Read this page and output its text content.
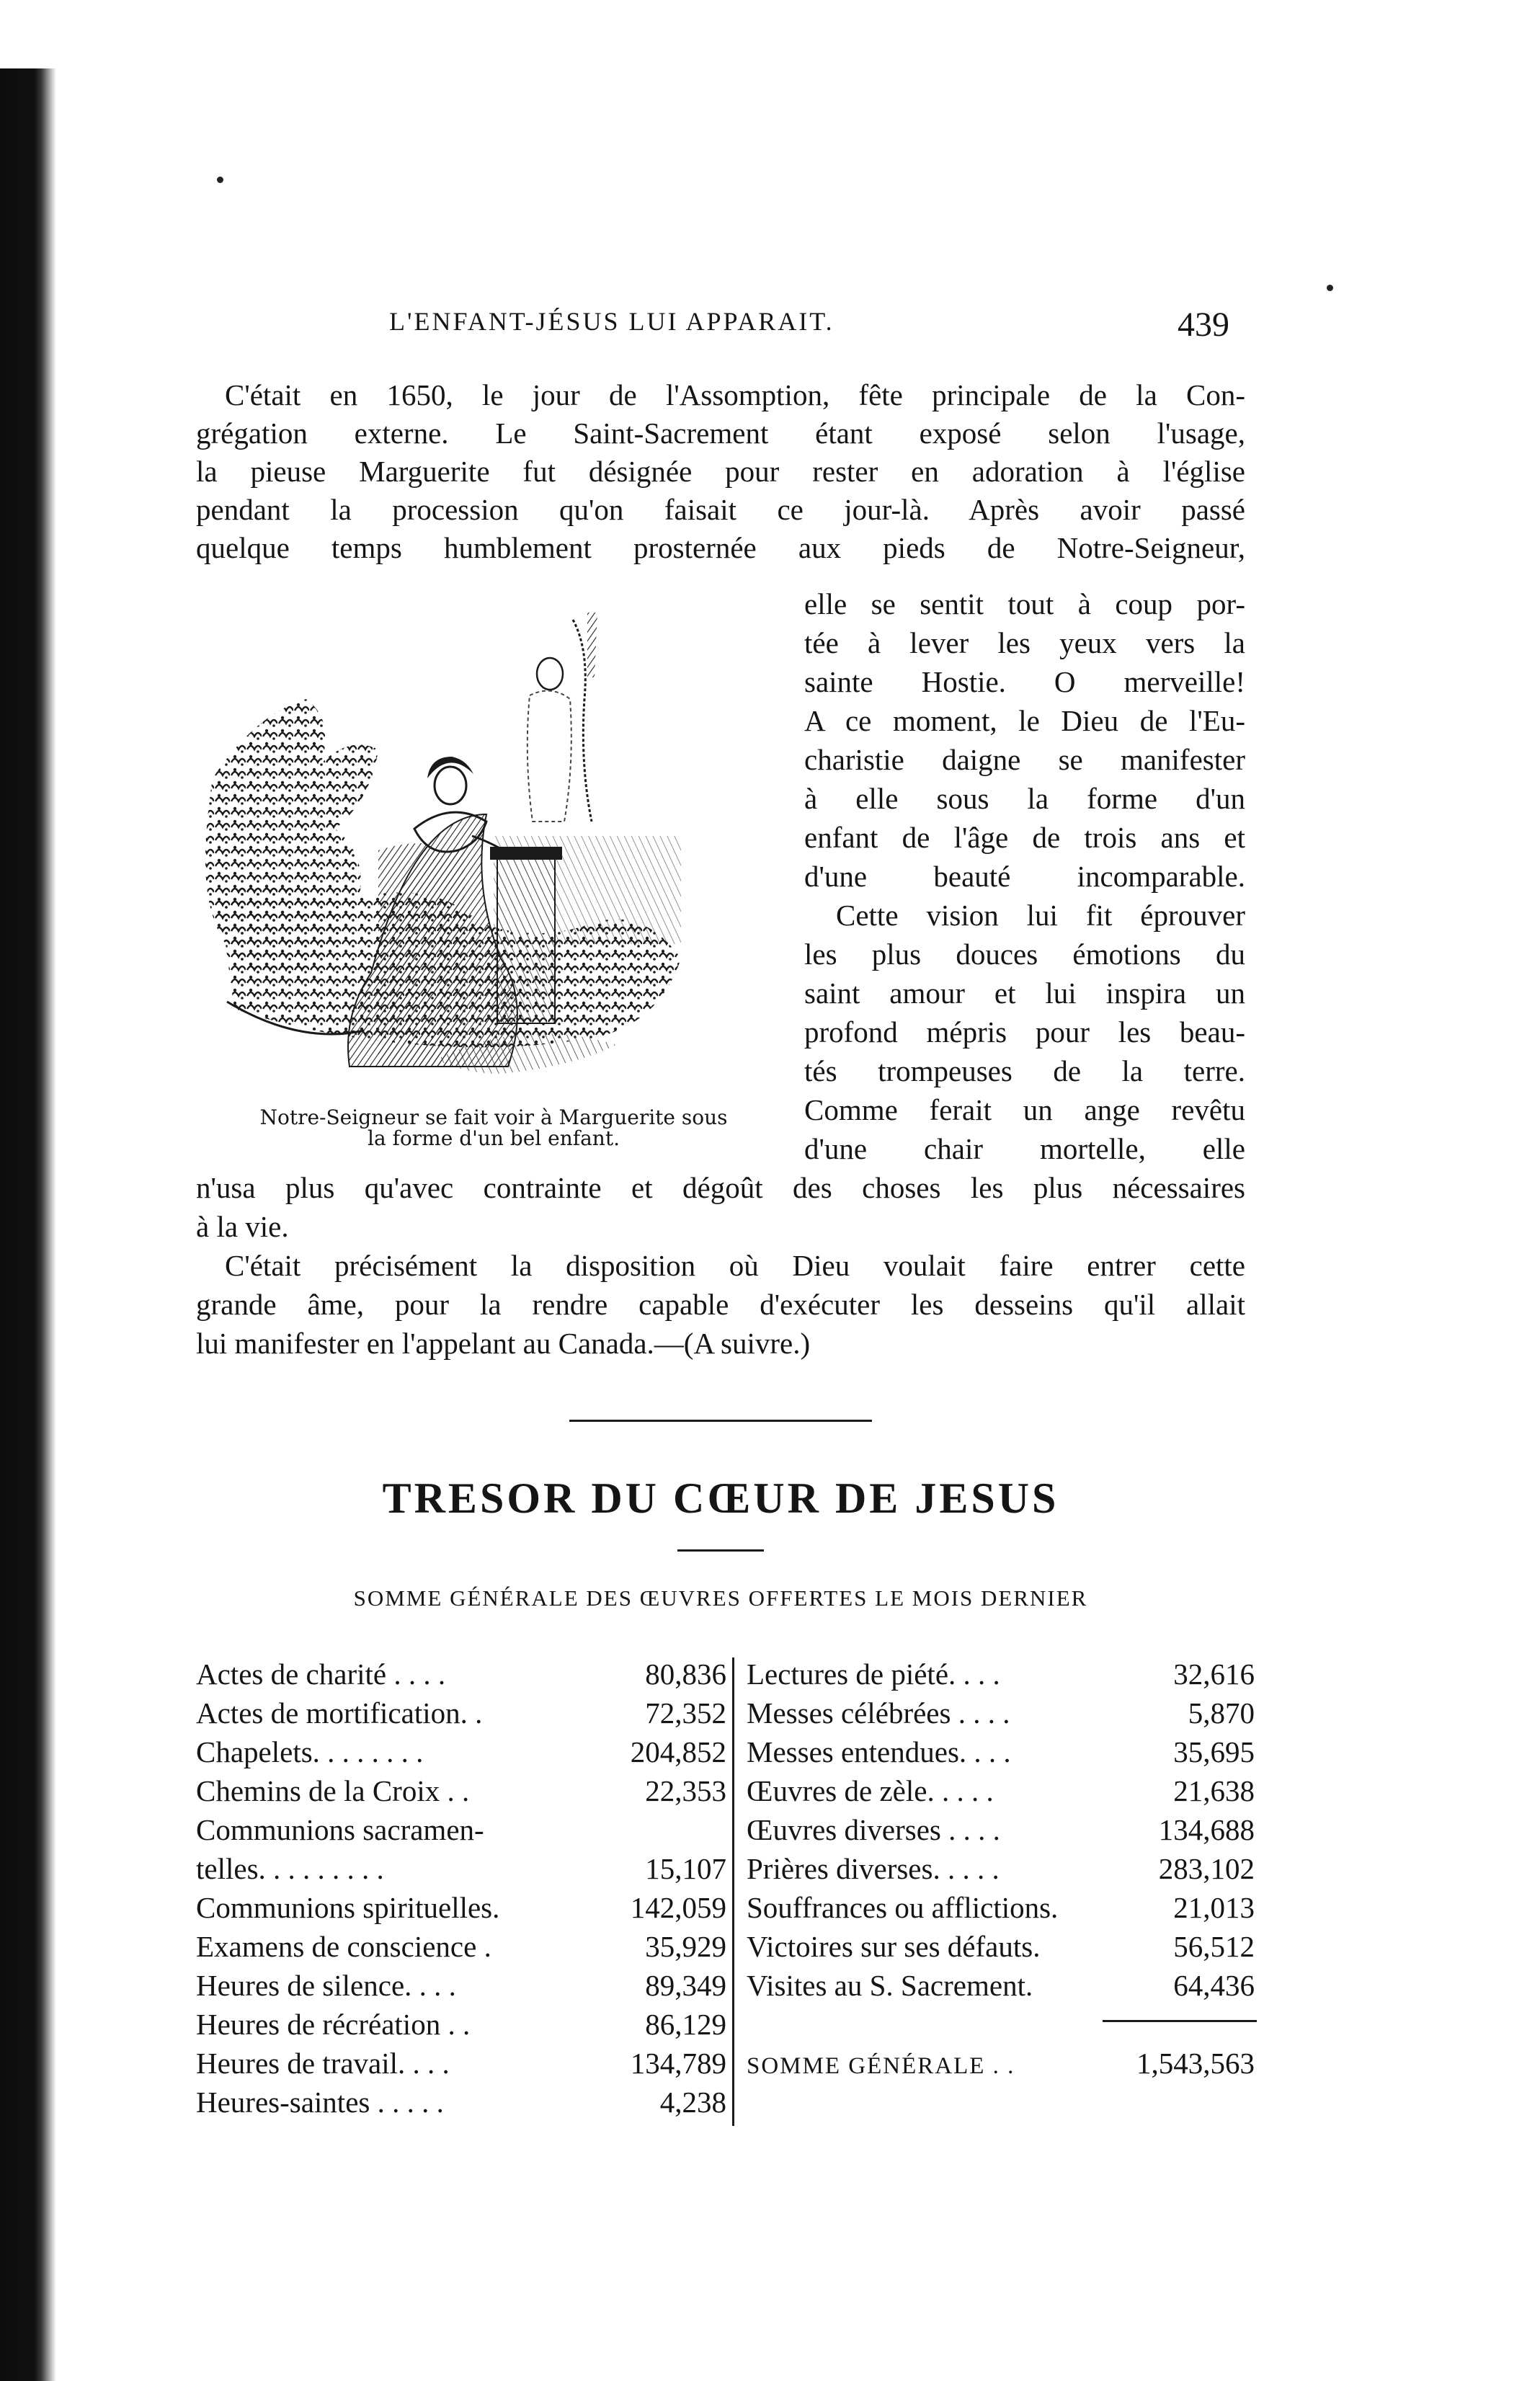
L'ENFANT-JÉSUS LUI APPARAIT.	439
C'était en 1650, le jour de l'Assomption, fête principale de la Con-
grégation externe. Le Saint-Sacrement étant exposé selon l'usage,
la pieuse Marguerite fut désignée pour rester en adoration à l'église
pendant la procession qu'on faisait ce jour-là. Après avoir passé
quelque temps humblement prosternée aux pieds de Notre-Seigneur,
Notre-Seigneur se fait voir à Marguerite sous
la forme d'un bel enfant.
elle se sentit tout à coup por-
tée à lever les yeux vers la
sainte Hostie. O merveille!
A ce moment, le Dieu de l'Eu-
charistie daigne se manifester
à elle sous la forme d'un
enfant de l'âge de trois ans et
d'une beauté incomparable.
Cette vision lui fit éprouver
les plus douces émotions du
saint amour et lui inspira un
profond mépris pour les beau-
tés trompeuses de la terre.
Comme ferait un ange revêtu
d'une chair mortelle, elle
n'usa plus qu'avec contrainte et dégoût des choses les plus nécessaires
à la vie.
C'était précisément la disposition où Dieu voulait faire entrer cette
grande âme, pour la rendre capable d'exécuter les desseins qu'il allait
lui manifester en l'appelant au Canada.—(A suivre.)
TRESOR DU CŒUR DE JESUS
SOMME GÉNÉRALE DES ŒUVRES OFFERTES LE MOIS DERNIER
Actes de charité . . . .	80,836
Actes de mortification. .	72,352
Chapelets. . . . . . . .	204,852
Chemins de la Croix . .	22,353
Communions sacramen-
telles. . . . . . . . .	15,107
Communions spirituelles.	142,059
Examens de conscience .	35,929
Heures de silence. . . .	89,349
Heures de récréation . .	86,129
Heures de travail. . . .	134,789
Heures-saintes . . . . .	4,238
Lectures de piété. . . .	32,616
Messes célébrées . . . .	5,870
Messes entendues. . . .	35,695
Œuvres de zèle. . . . .	21,638
Œuvres diverses . . . .	134,688
Prières diverses. . . . .	283,102
Souffrances ou afflictions.	21,013
Victoires sur ses défauts.	56,512
Visites au S. Sacrement.	64,436
SOMME GÉNÉRALE . .	1,543,563
